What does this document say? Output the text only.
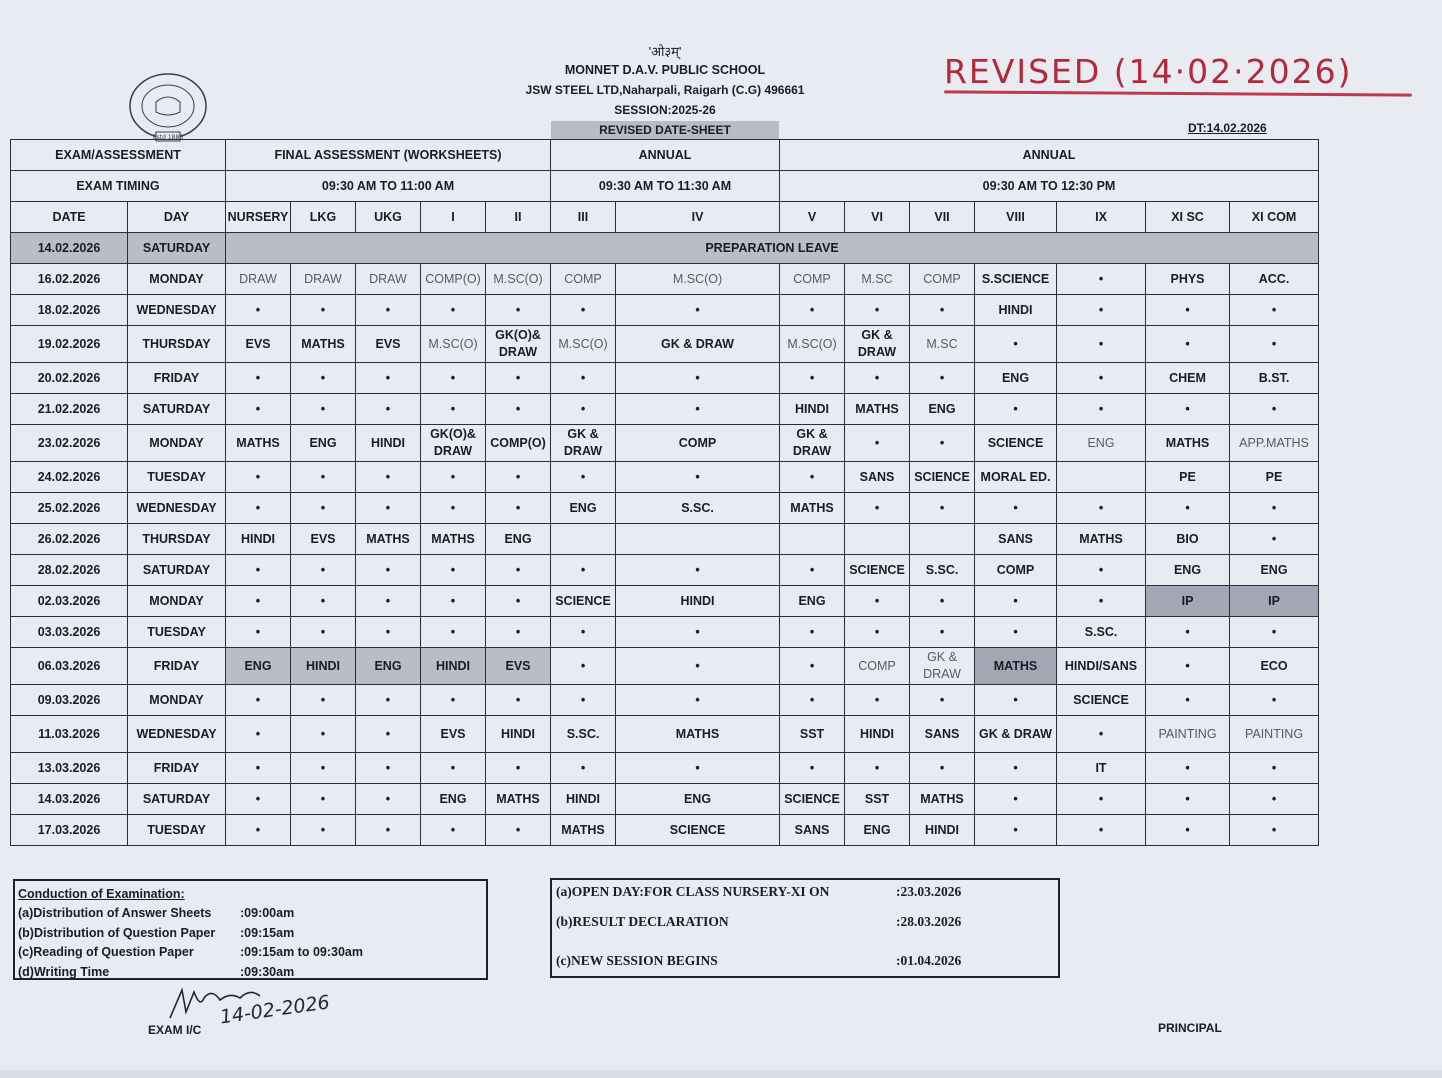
Estd 1886
'ओ३म्'
MONNET D.A.V. PUBLIC SCHOOL
JSW STEEL LTD,Naharpali, Raigarh (C.G) 496661
SESSION:2025-26
REVISED (14·02·2026)
REVISED DATE-SHEET	DT:14.02.2026
EXAM/ASSESSMENT		FINAL ASSESSMENT (WORKSHEETS)					ANNUAL		ANNUAL						
EXAM TIMING		09:30 AM TO 11:00 AM					09:30 AM TO 11:30 AM		09:30 AM TO 12:30 PM						
DATE	DAY	NURSERY	LKG	UKG	I	II	III	IV	V	VI	VII	VIII	IX	XI SC	XI COM
14.02.2026	SATURDAY	PREPARATION LEAVE													
16.02.2026	MONDAY	DRAW	DRAW	DRAW	COMP(O)	M.SC(O)	COMP	M.SC(O)	COMP	M.SC	COMP	S.SCIENCE	•	PHYS	ACC.
18.02.2026	WEDNESDAY	•	•	•	•	•	•	•	•	•	•	HINDI	•	•	•
19.02.2026	THURSDAY	EVS	MATHS	EVS	M.SC(O)	GK(O)& DRAW	M.SC(O)	GK & DRAW	M.SC(O)	GK & DRAW	M.SC	•	•	•	•
20.02.2026	FRIDAY	•	•	•	•	•	•	•	•	•	•	ENG	•	CHEM	B.ST.
21.02.2026	SATURDAY	•	•	•	•	•	•	•	HINDI	MATHS	ENG	•	•	•	•
23.02.2026	MONDAY	MATHS	ENG	HINDI	GK(O)& DRAW	COMP(O)	GK & DRAW	COMP	GK & DRAW	•	•	SCIENCE	ENG	MATHS	APP.MATHS
24.02.2026	TUESDAY	•	•	•	•	•	•	•	•	SANS	SCIENCE	MORAL ED.		PE	PE
25.02.2026	WEDNESDAY	•	•	•	•	•	ENG	S.SC.	MATHS	•	•	•	•	•	•
26.02.2026	THURSDAY	HINDI	EVS	MATHS	MATHS	ENG						SANS	MATHS	BIO	•
28.02.2026	SATURDAY	•	•	•	•	•	•	•	•	SCIENCE	S.SC.	COMP	•	ENG	ENG
02.03.2026	MONDAY	•	•	•	•	•	SCIENCE	HINDI	ENG	•	•	•	•	IP	IP
03.03.2026	TUESDAY	•	•	•	•	•	•	•	•	•	•	•	S.SC.	•	•
06.03.2026	FRIDAY	ENG	HINDI	ENG	HINDI	EVS	•	•	•	COMP	GK & DRAW	MATHS	HINDI/SANS	•	ECO
09.03.2026	MONDAY	•	•	•	•	•	•	•	•	•	•	•	SCIENCE	•	•
11.03.2026	WEDNESDAY	•	•	•	EVS	HINDI	S.SC.	MATHS	SST	HINDI	SANS	GK & DRAW	•	PAINTING	PAINTING
13.03.2026	FRIDAY	•	•	•	•	•	•	•	•	•	•	•	IT	•	•
14.03.2026	SATURDAY	•	•	•	ENG	MATHS	HINDI	ENG	SCIENCE	SST	MATHS	•	•	•	•
17.03.2026	TUESDAY	•	•	•	•	•	MATHS	SCIENCE	SANS	ENG	HINDI	•	•	•	•
Conduction of Examination:
(a)Distribution of Answer Sheets	:09:00am
(b)Distribution of Question Paper	:09:15am
(c)Reading of Question Paper	:09:15am to 09:30am
(d)Writing Time	:09:30am
(a)OPEN DAY:FOR CLASS NURSERY-XI ON	:23.03.2026
(b)RESULT DECLARATION	:28.03.2026
(c)NEW SESSION BEGINS	:01.04.2026
14-02-2026
EXAM I/C	PRINCIPAL
